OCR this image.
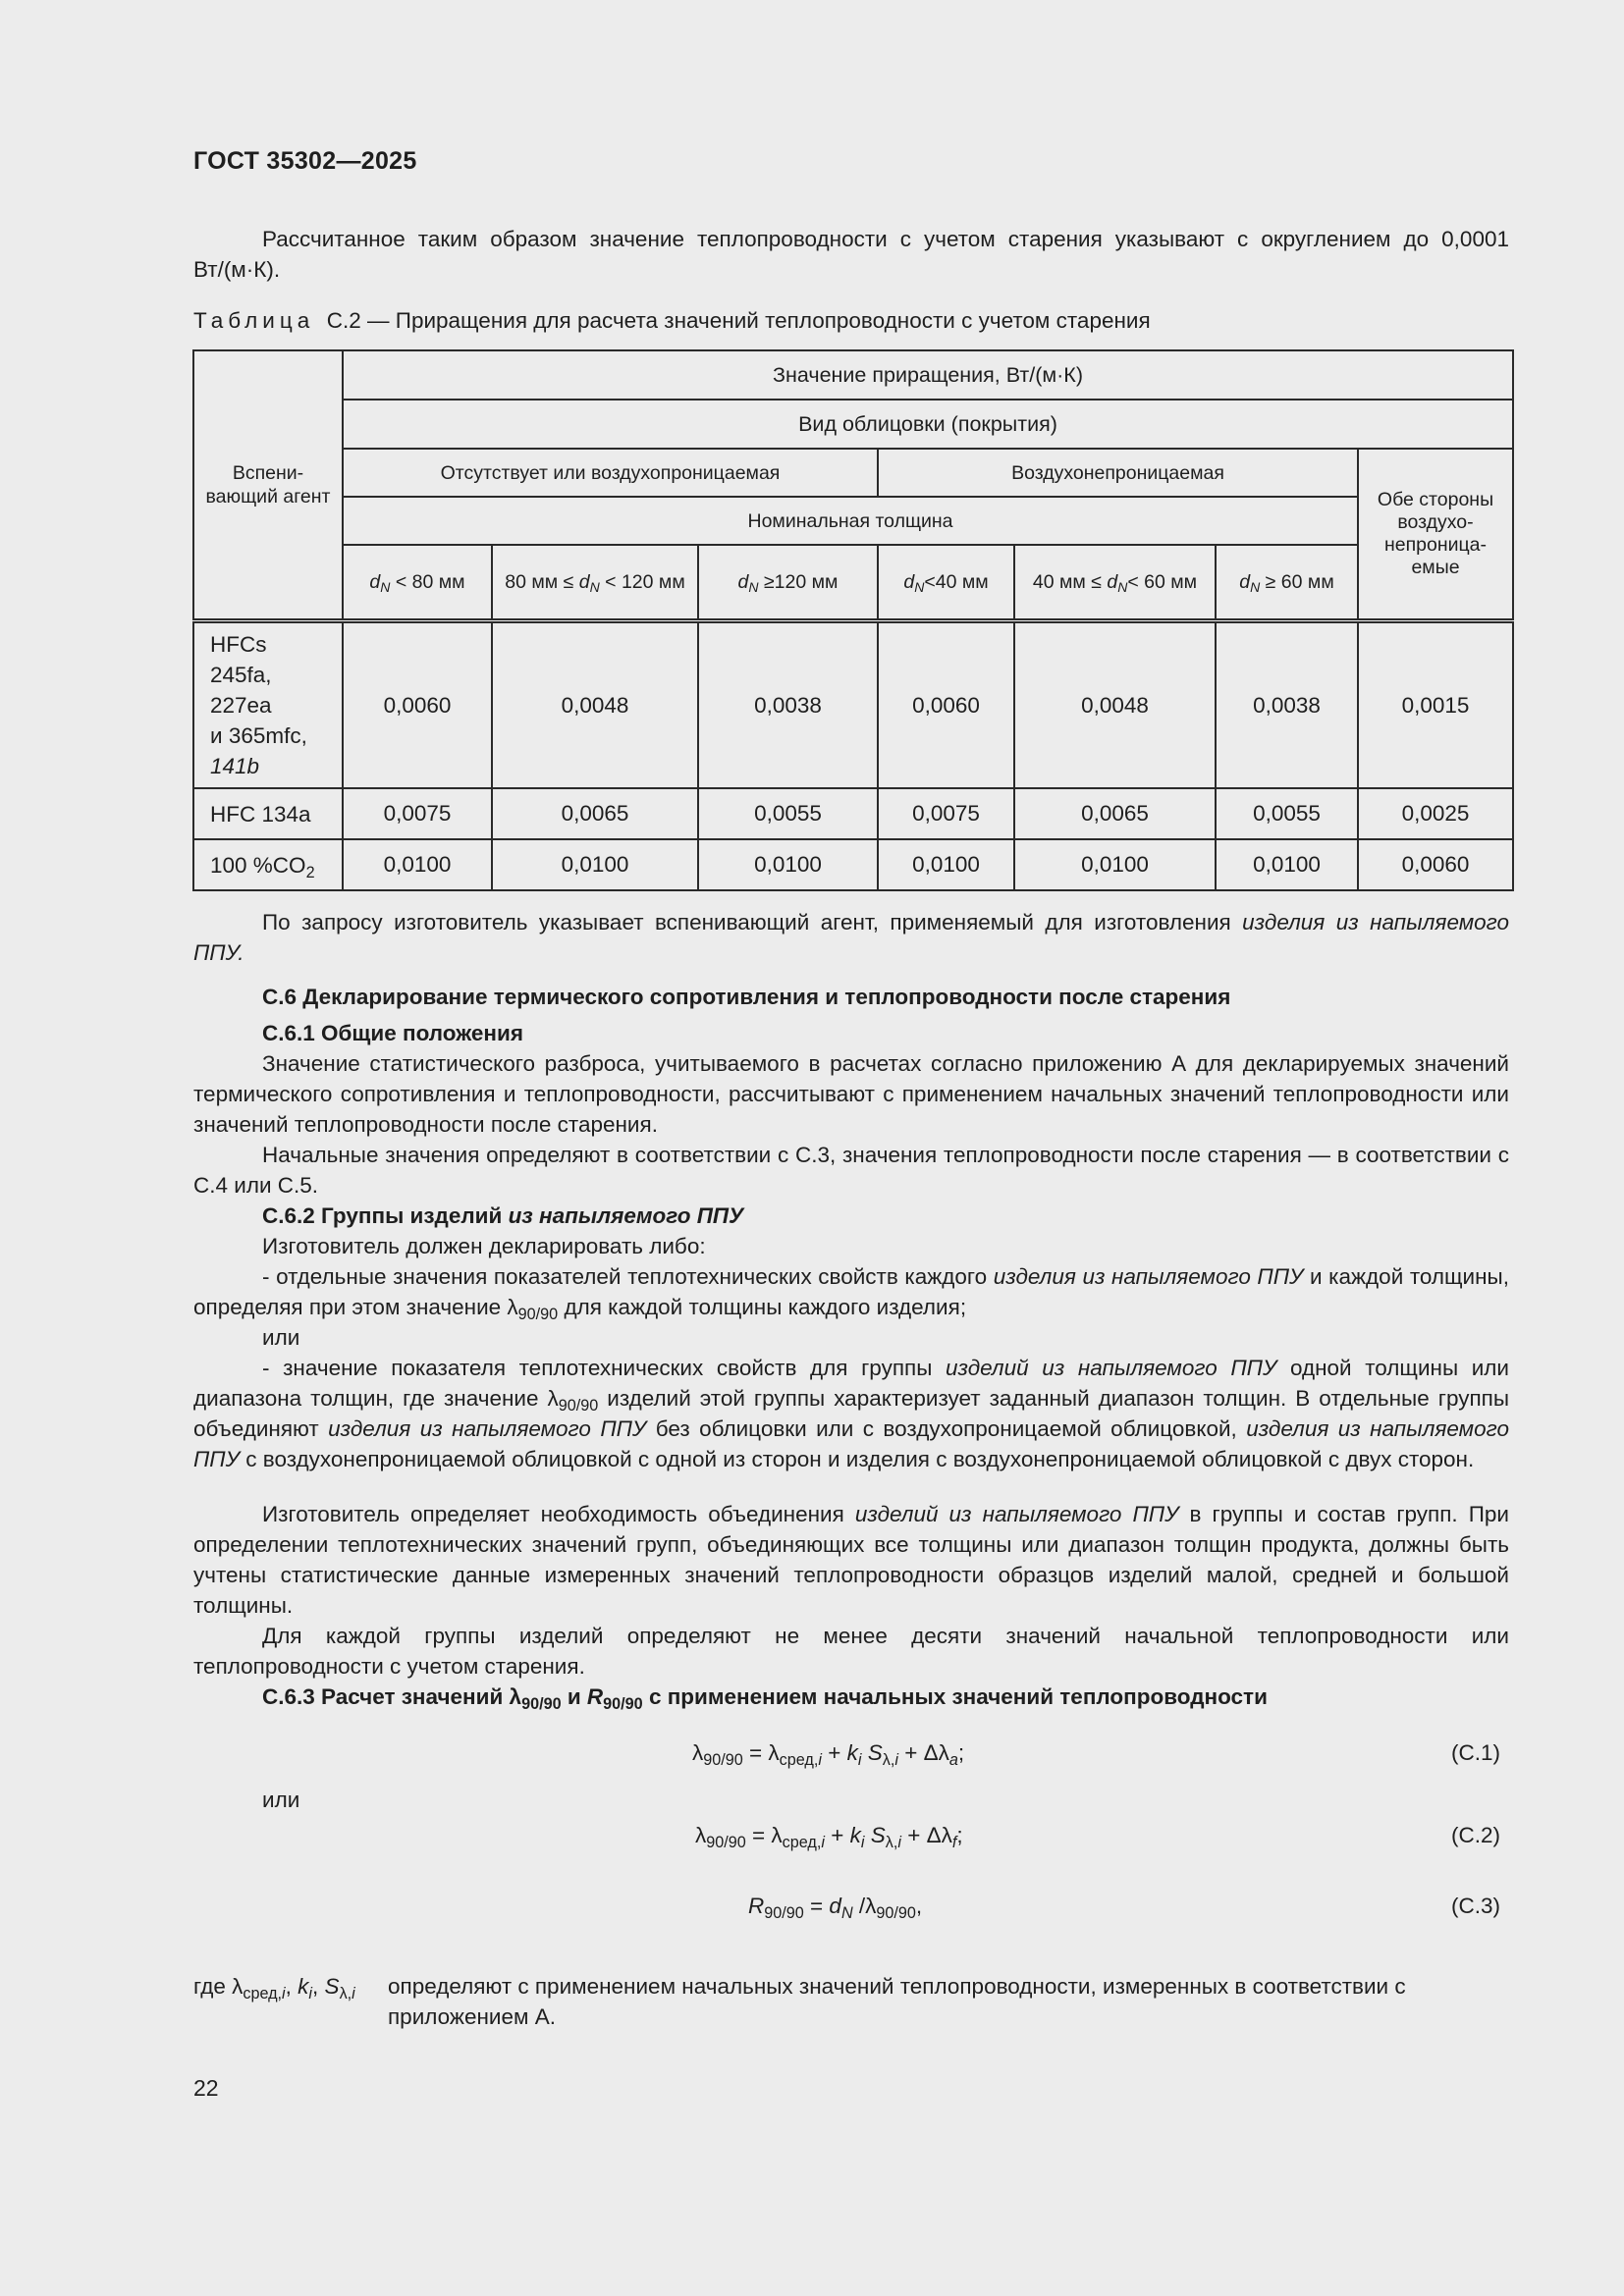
ГОСТ 35302—2025
Рассчитанное таким образом значение теплопроводности с учетом старения указывают с округлением до 0,0001 Вт/(м·К).
Таблица С.2 — Приращения для расчета значений теплопроводности с учетом старения
Вспени-вающий агент	Значение приращения, Вт/(м·К)						
	Вид облицовки (покрытия)						
	Отсутствует или воздухопроницаемая			Воздухонепроницаемая			Обе стороны воздухо-непроница-емые

	Номинальная толщина						
	$d_N < 80$ мм	80 мм ≤ $d_N < 120$ мм	$d_N \ge 120$ мм	$d_N<40$ мм	40 мм ≤ $d_N< 60$ мм	$d_N \ge 60$ мм	

HFCs
245fa,
227ea
и 365mfc,
141b	0,0060	0,0048	0,0038	0,0060	0,0048	0,0038	0,0015
HFC 134a	0,0075	0,0065	0,0055	0,0075	0,0065	0,0055	0,0025
100 $\%CO_2$	0,0100	0,0100	0,0100	0,0100	0,0100	0,0100	0,0060
По запросу изготовитель указывает вспенивающий агент, применяемый для изготовления изделия из напыляемого ППУ.
С.6 Декларирование термического сопротивления и теплопроводности после старения
С.6.1 Общие положения
Значение статистического разброса, учитываемого в расчетах согласно приложению А для декларируемых значений термического сопротивления и теплопроводности, рассчитывают с применением начальных значений теплопроводности или значений теплопроводности после старения.
Начальные значения определяют в соответствии с С.3, значения теплопроводности после старения — в соответствии с С.4 или С.5.
С.6.2 Группы изделий из напыляемого ППУ
Изготовитель должен декларировать либо:
- отдельные значения показателей теплотехнических свойств каждого изделия из напыляемого ППУ и каждой толщины, определяя при этом значение $\lambda_{90/90}$ для каждой толщины каждого изделия;
или
- значение показателя теплотехнических свойств для группы изделий из напыляемого ППУ одной толщины или диапазона толщин, где значение $\lambda_{90/90}$ изделий этой группы характеризует заданный диапазон толщин. В отдельные группы объединяют изделия из напыляемого ППУ без облицовки или с воздухопроницаемой облицовкой, изделия из напыляемого ППУ с воздухонепроницаемой облицовкой с одной из сторон и изделия с воздухонепроницаемой облицовкой с двух сторон.
Изготовитель определяет необходимость объединения изделий из напыляемого ППУ в группы и состав групп. При определении теплотехнических значений групп, объединяющих все толщины или диапазон толщин продукта, должны быть учтены статистические данные измеренных значений теплопроводности образцов изделий малой, средней и большой толщины.
Для каждой группы изделий определяют не менее десяти значений начальной теплопроводности или теплопроводности с учетом старения.
С.6.3 Расчет значений $\lambda_{90/90}$ и $R_{90/90}$ с применением начальных значений теплопроводности
$\lambda_{90/90} = \lambda_{сред,i} + k_i$ $S_{\lambda,i} + \Delta\lambda_a$;	(С.1)
или
$\lambda_{90/90} = \lambda_{сред,i} + k_i$ $S_{\lambda,i} + \Delta\lambda_f$;	(С.2)
$R_{90/90} = d_N$ $/\lambda_{90/90}$,	(С.3)
где $\lambda_{сред,i}$, $k_i$, $S_{\lambda,i}$ определяют с применением начальных значений теплопроводности, измеренных в соответствии с приложением А.
22
